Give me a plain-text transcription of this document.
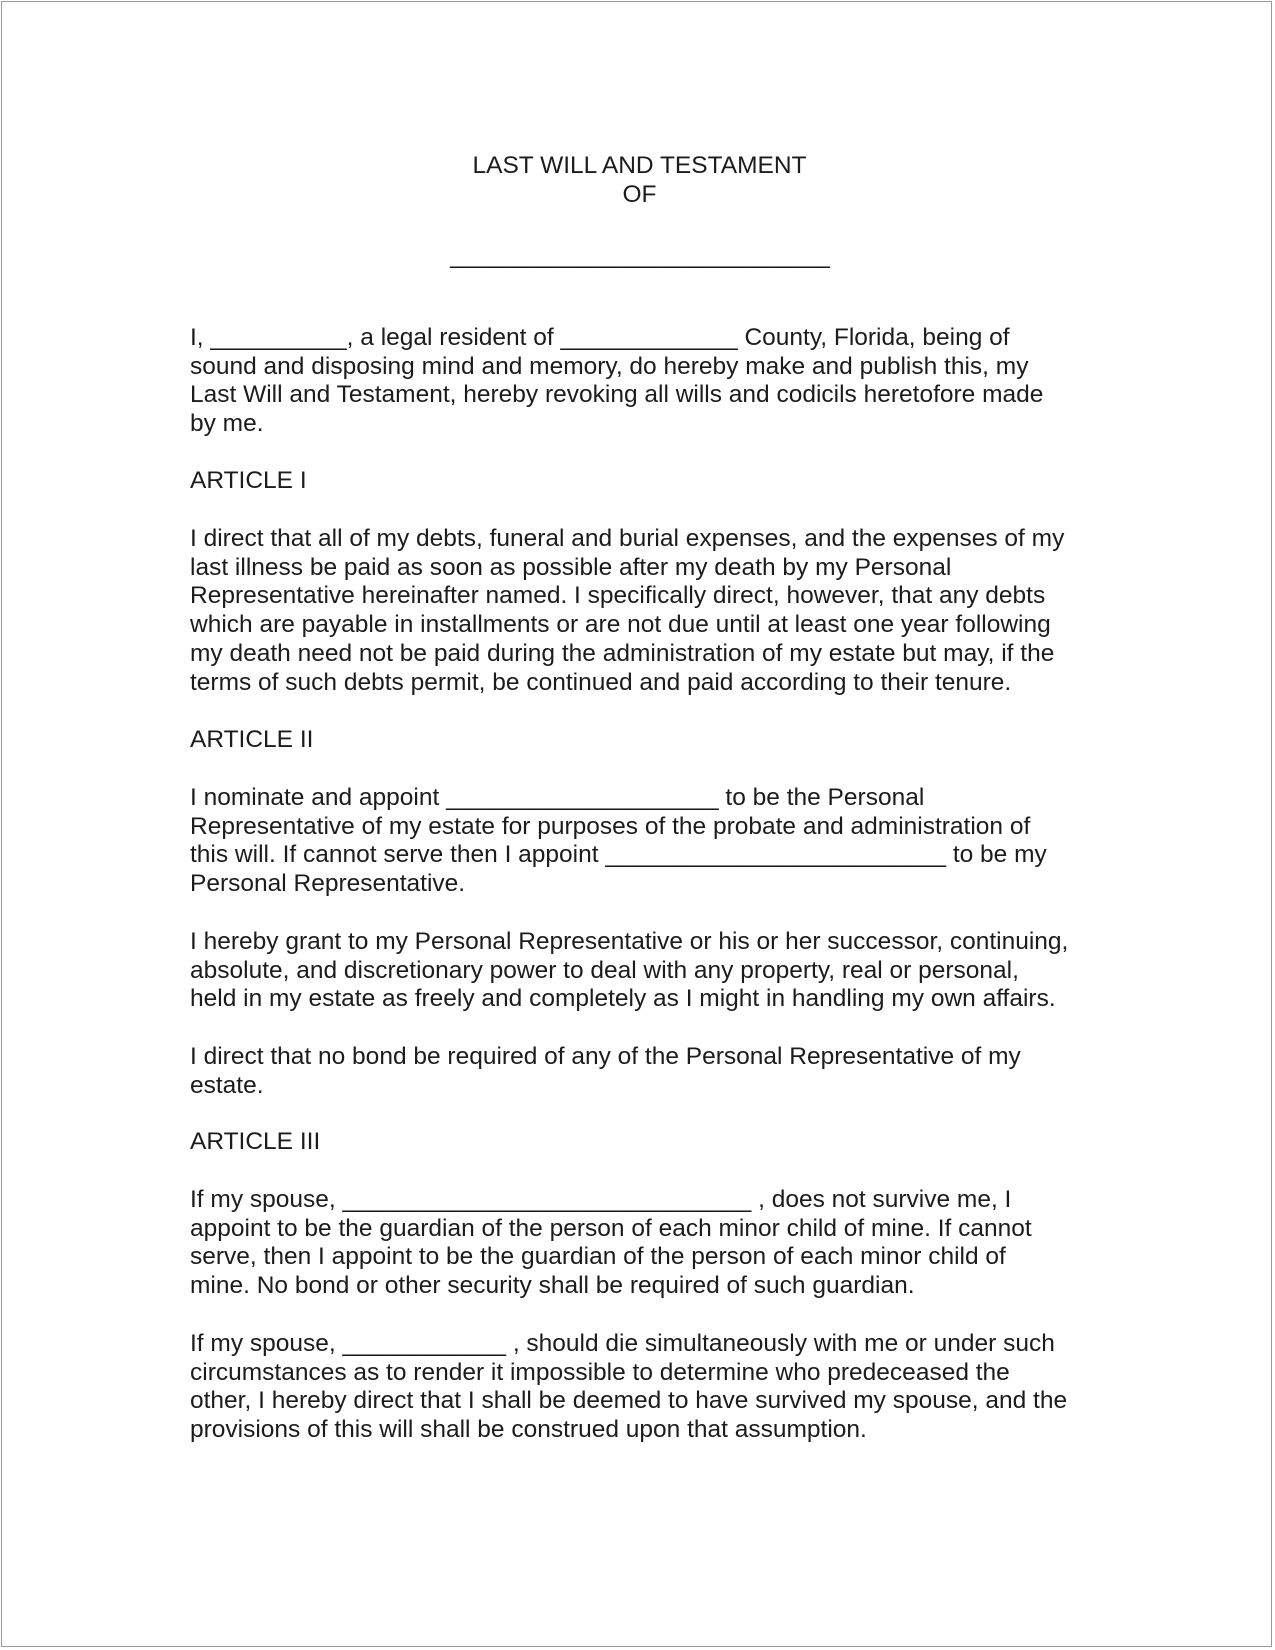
LAST WILL AND TESTAMENT
OF
______________________________

I, __________, a legal resident of _____________ County, Florida, being of
sound and disposing mind and memory, do hereby make and publish this, my
Last Will and Testament, hereby revoking all wills and codicils heretofore made
by me.

ARTICLE I

I direct that all of my debts, funeral and burial expenses, and the expenses of my
last illness be paid as soon as possible after my death by my Personal
Representative hereinafter named. I specifically direct, however, that any debts
which are payable in installments or are not due until at least one year following
my death need not be paid during the administration of my estate but may, if the
terms of such debts permit, be continued and paid according to their tenure.

ARTICLE II

I nominate and appoint ____________________ to be the Personal
Representative of my estate for purposes of the probate and administration of
this will. If cannot serve then I appoint _________________________ to be my
Personal Representative.

I hereby grant to my Personal Representative or his or her successor, continuing,
absolute, and discretionary power to deal with any property, real or personal,
held in my estate as freely and completely as I might in handling my own affairs.

I direct that no bond be required of any of the Personal Representative of my
estate.

ARTICLE III

If my spouse, ______________________________ , does not survive me, I
appoint to be the guardian of the person of each minor child of mine. If cannot
serve, then I appoint to be the guardian of the person of each minor child of
mine. No bond or other security shall be required of such guardian.

If my spouse, ____________ , should die simultaneously with me or under such
circumstances as to render it impossible to determine who predeceased the
other, I hereby direct that I shall be deemed to have survived my spouse, and the
provisions of this will shall be construed upon that assumption.
